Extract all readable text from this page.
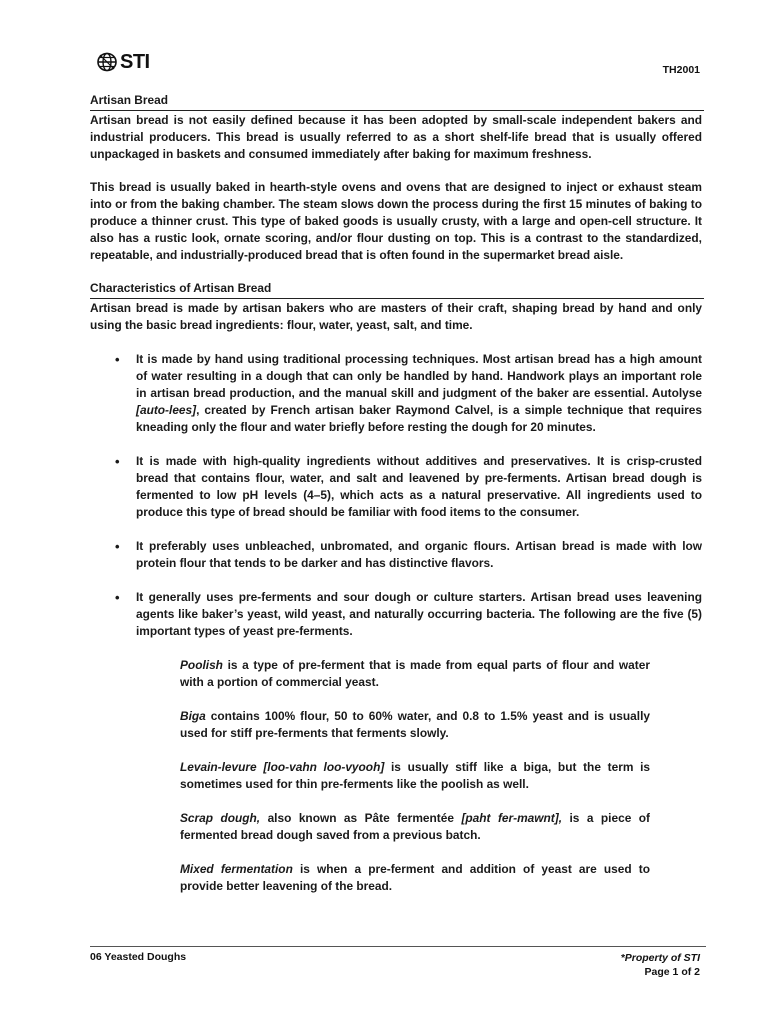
STI	TH2001
Artisan Bread

Artisan bread is not easily defined because it has been adopted by small-scale independent bakers and industrial producers. This bread is usually referred to as a short shelf-life bread that is usually offered unpackaged in baskets and consumed immediately after baking for maximum freshness.

This bread is usually baked in hearth-style ovens and ovens that are designed to inject or exhaust steam into or from the baking chamber. The steam slows down the process during the first 15 minutes of baking to produce a thinner crust. This type of baked goods is usually crusty, with a large and open-cell structure. It also has a rustic look, ornate scoring, and/or flour dusting on top. This is a contrast to the standardized, repeatable, and industrially-produced bread that is often found in the supermarket bread aisle.

Characteristics of Artisan Bread

Artisan bread is made by artisan bakers who are masters of their craft, shaping bread by hand and only using the basic bread ingredients: flour, water, yeast, salt, and time.

• It is made by hand using traditional processing techniques. Most artisan bread has a high amount of water resulting in a dough that can only be handled by hand. Handwork plays an important role in artisan bread production, and the manual skill and judgment of the baker are essential. Autolyse [auto-lees], created by French artisan baker Raymond Calvel, is a simple technique that requires kneading only the flour and water briefly before resting the dough for 20 minutes.
• It is made with high-quality ingredients without additives and preservatives. It is crisp-crusted bread that contains flour, water, and salt and leavened by pre-ferments. Artisan bread dough is fermented to low pH levels (4–5), which acts as a natural preservative. All ingredients used to produce this type of bread should be familiar with food items to the consumer.
• It preferably uses unbleached, unbromated, and organic flours. Artisan bread is made with low protein flour that tends to be darker and has distinctive flavors.
• It generally uses pre-ferments and sour dough or culture starters. Artisan bread uses leavening agents like baker’s yeast, wild yeast, and naturally occurring bacteria. The following are the five (5) important types of yeast pre-ferments.

Poolish is a type of pre-ferment that is made from equal parts of flour and water with a portion of commercial yeast.

Biga contains 100% flour, 50 to 60% water, and 0.8 to 1.5% yeast and is usually used for stiff pre-ferments that ferments slowly.

Levain-levure [loo-vahn loo-vyooh] is usually stiff like a biga, but the term is sometimes used for thin pre-ferments like the poolish as well.

Scrap dough, also known as Pâte fermentée [paht fer-mawnt], is a piece of fermented bread dough saved from a previous batch.

Mixed fermentation is when a pre-ferment and addition of yeast are used to provide better leavening of the bread.

06 Yeasted Doughs	*Property of STI
Page 1 of 2
